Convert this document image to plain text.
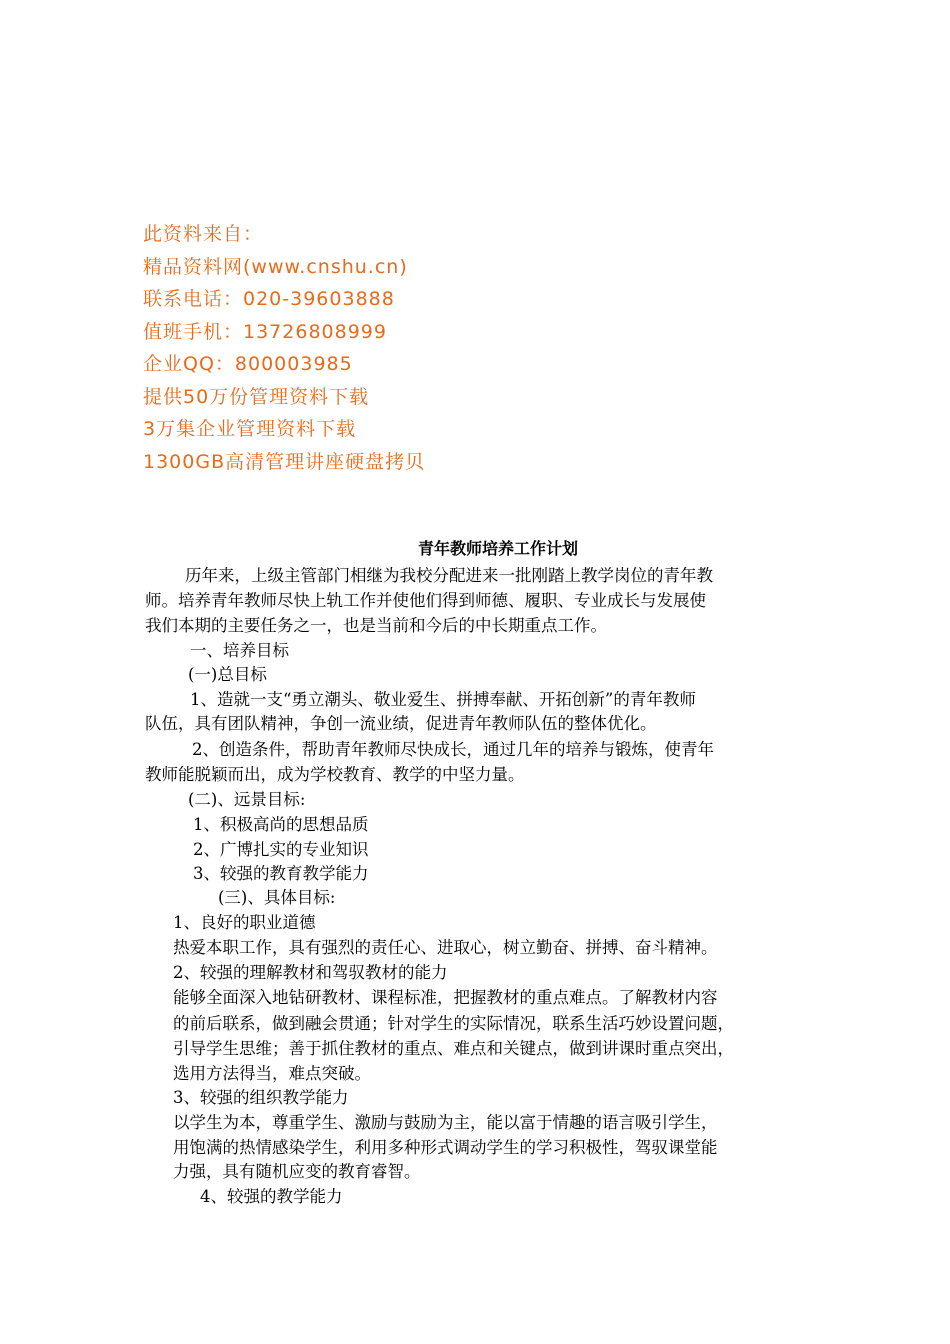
此资料来自：
精品资料网(www.cnshu.cn)
联系电话：020-39603888
值班手机：13726808999
企业QQ：800003985
提供50万份管理资料下载
3万集企业管理资料下载
1300GB高清管理讲座硬盘拷贝
青年教师培养工作计划
历年来，上级主管部门相继为我校分配进来一批刚踏上教学岗位的青年教
师。培养青年教师尽快上轨工作并使他们得到师德、履职、专业成长与发展使
我们本期的主要任务之一，也是当前和今后的中长期重点工作。
一、培养目标
(一)总目标
1、造就一支“勇立潮头、敬业爱生、拼搏奉献、开拓创新”的青年教师
队伍，具有团队精神，争创一流业绩，促进青年教师队伍的整体优化。
2、创造条件，帮助青年教师尽快成长，通过几年的培养与锻炼，使青年
教师能脱颖而出，成为学校教育、教学的中坚力量。
(二)、远景目标:
1、积极高尚的思想品质
2、广博扎实的专业知识
3、较强的教育教学能力
(三)、具体目标:
1、良好的职业道德
热爱本职工作，具有强烈的责任心、进取心，树立勤奋、拼搏、奋斗精神。
2、较强的理解教材和驾驭教材的能力
能够全面深入地钻研教材、课程标准，把握教材的重点难点。了解教材内容
的前后联系，做到融会贯通；针对学生的实际情况，联系生活巧妙设置问题，
引导学生思维；善于抓住教材的重点、难点和关键点，做到讲课时重点突出，
选用方法得当，难点突破。
3、较强的组织教学能力
以学生为本，尊重学生、激励与鼓励为主，能以富于情趣的语言吸引学生，
用饱满的热情感染学生，利用多种形式调动学生的学习积极性，驾驭课堂能
力强，具有随机应变的教育睿智。
4、较强的教学能力
